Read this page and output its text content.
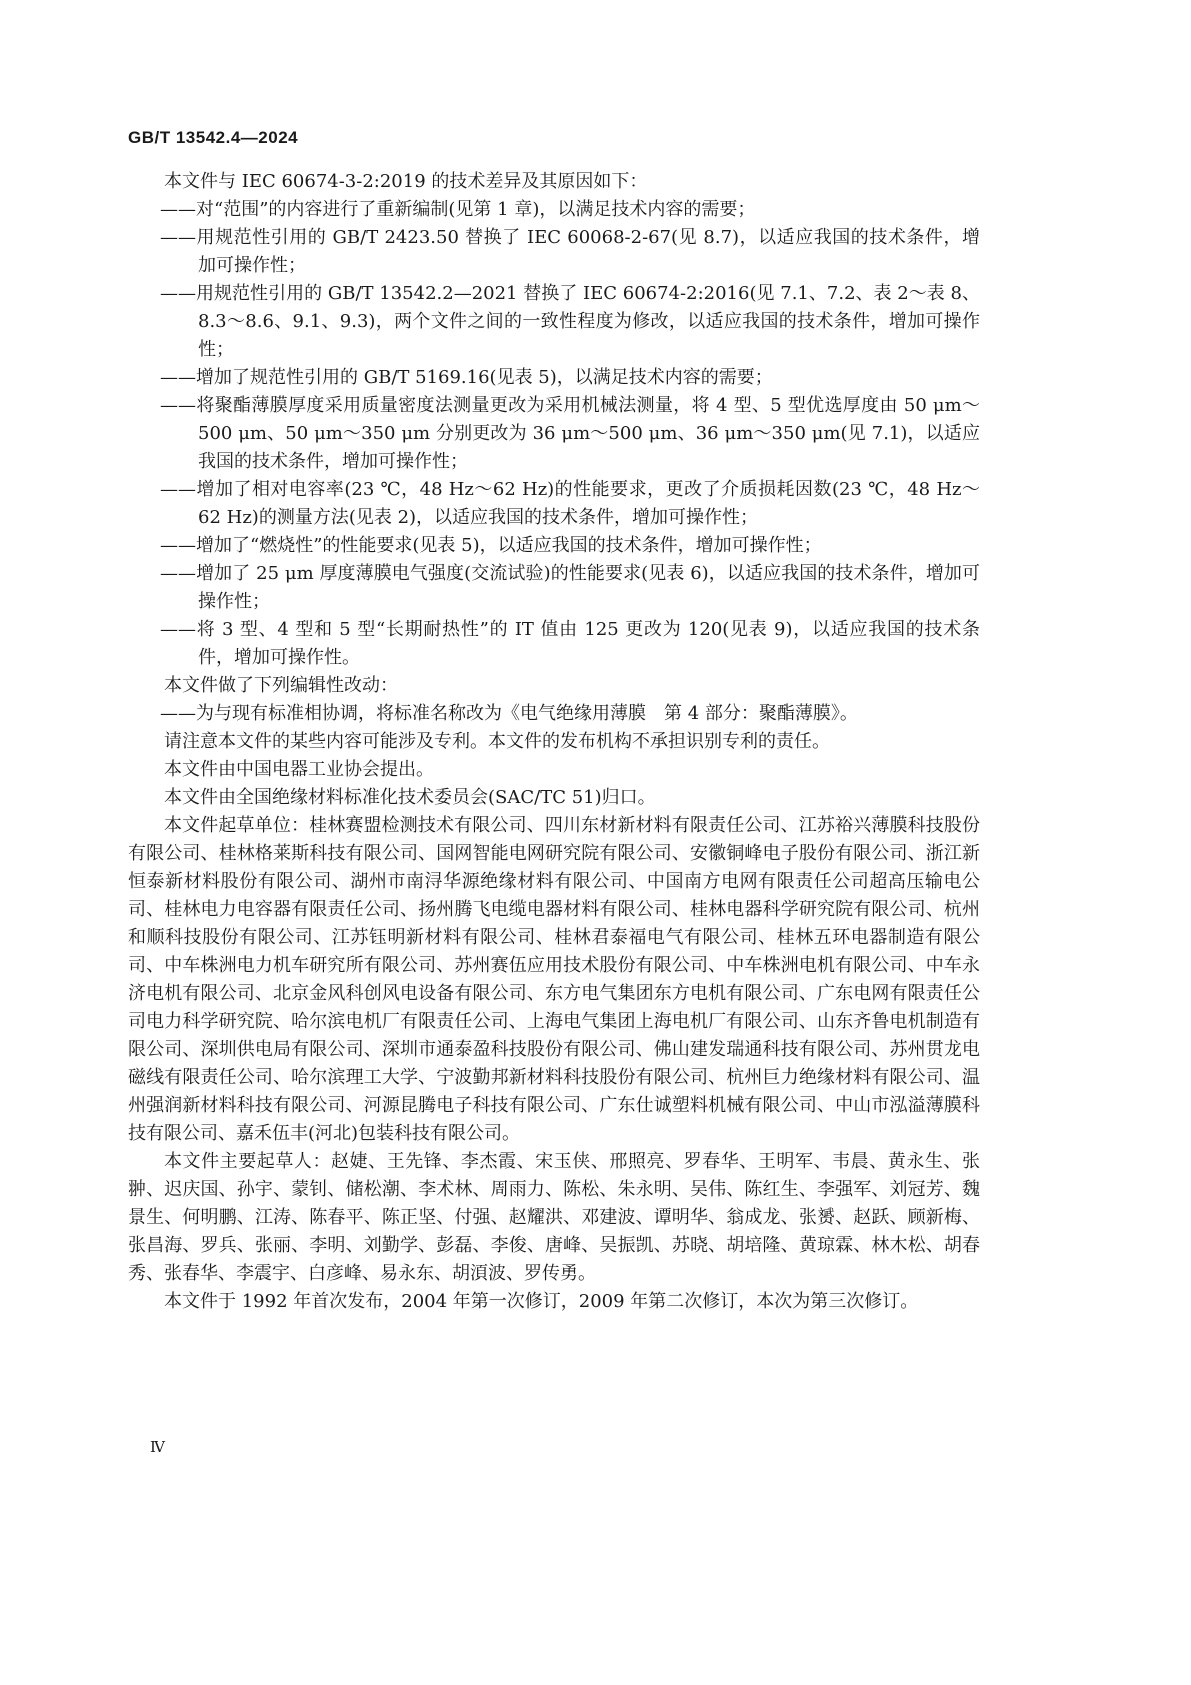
GB/T 13542.4—2024

本文件与 IEC 60674-3-2:2019 的技术差异及其原因如下：

——对“范围”的内容进行了重新编制(见第 1 章)，以满足技术内容的需要；

——用规范性引用的 GB/T 2423.50 替换了 IEC 60068-2-67(见 8.7)，以适应我国的技术条件，增加可操作性；

——用规范性引用的 GB/T 13542.2—2021 替换了 IEC 60674-2:2016(见 7.1、7.2、表 2～表 8、8.3～8.6、9.1、9.3)，两个文件之间的一致性程度为修改，以适应我国的技术条件，增加可操作性；

——增加了规范性引用的 GB/T 5169.16(见表 5)，以满足技术内容的需要；

——将聚酯薄膜厚度采用质量密度法测量更改为采用机械法测量，将 4 型、5 型优选厚度由 50 μm～500 μm、50 μm～350 μm 分别更改为 36 μm～500 μm、36 μm～350 μm(见 7.1)，以适应我国的技术条件，增加可操作性；

——增加了相对电容率(23 ℃，48 Hz～62 Hz)的性能要求，更改了介质损耗因数(23 ℃，48 Hz～62 Hz)的测量方法(见表 2)，以适应我国的技术条件，增加可操作性；

——增加了“燃烧性”的性能要求(见表 5)，以适应我国的技术条件，增加可操作性；

——增加了 25 μm 厚度薄膜电气强度(交流试验)的性能要求(见表 6)，以适应我国的技术条件，增加可操作性；

——将 3 型、4 型和 5 型“长期耐热性”的 IT 值由 125 更改为 120(见表 9)，以适应我国的技术条件，增加可操作性。

本文件做了下列编辑性改动：

——为与现有标准相协调，将标准名称改为《电气绝缘用薄膜　第 4 部分：聚酯薄膜》。

请注意本文件的某些内容可能涉及专利。本文件的发布机构不承担识别专利的责任。

本文件由中国电器工业协会提出。

本文件由全国绝缘材料标准化技术委员会(SAC/TC 51)归口。

本文件起草单位：桂林赛盟检测技术有限公司、四川东材新材料有限责任公司、江苏裕兴薄膜科技股份有限公司、桂林格莱斯科技有限公司、国网智能电网研究院有限公司、安徽铜峰电子股份有限公司、浙江新恒泰新材料股份有限公司、湖州市南浔华源绝缘材料有限公司、中国南方电网有限责任公司超高压输电公司、桂林电力电容器有限责任公司、扬州腾飞电缆电器材料有限公司、桂林电器科学研究院有限公司、杭州和顺科技股份有限公司、江苏钰明新材料有限公司、桂林君泰福电气有限公司、桂林五环电器制造有限公司、中车株洲电力机车研究所有限公司、苏州赛伍应用技术股份有限公司、中车株洲电机有限公司、中车永济电机有限公司、北京金风科创风电设备有限公司、东方电气集团东方电机有限公司、广东电网有限责任公司电力科学研究院、哈尔滨电机厂有限责任公司、上海电气集团上海电机厂有限公司、山东齐鲁电机制造有限公司、深圳供电局有限公司、深圳市通泰盈科技股份有限公司、佛山建发瑞通科技有限公司、苏州贯龙电磁线有限责任公司、哈尔滨理工大学、宁波勤邦新材料科技股份有限公司、杭州巨力绝缘材料有限公司、温州强润新材料科技有限公司、河源昆腾电子科技有限公司、广东仕诚塑料机械有限公司、中山市泓溢薄膜科技有限公司、嘉禾伍丰(河北)包装科技有限公司。

本文件主要起草人：赵婕、王先锋、李杰霞、宋玉侠、邢照亮、罗春华、王明军、韦晨、黄永生、张翀、迟庆国、孙宇、蒙钊、储松潮、李术林、周雨力、陈松、朱永明、吴伟、陈红生、李强军、刘冠芳、魏景生、何明鹏、江涛、陈春平、陈正坚、付强、赵耀洪、邓建波、谭明华、翁成龙、张赟、赵跃、顾新梅、张昌海、罗兵、张丽、李明、刘勤学、彭磊、李俊、唐峰、吴振凯、苏晓、胡培隆、黄琼霖、林木松、胡春秀、张春华、李震宇、白彦峰、易永东、胡湏波、罗传勇。

本文件于 1992 年首次发布，2004 年第一次修订，2009 年第二次修订，本次为第三次修订。

Ⅳ
